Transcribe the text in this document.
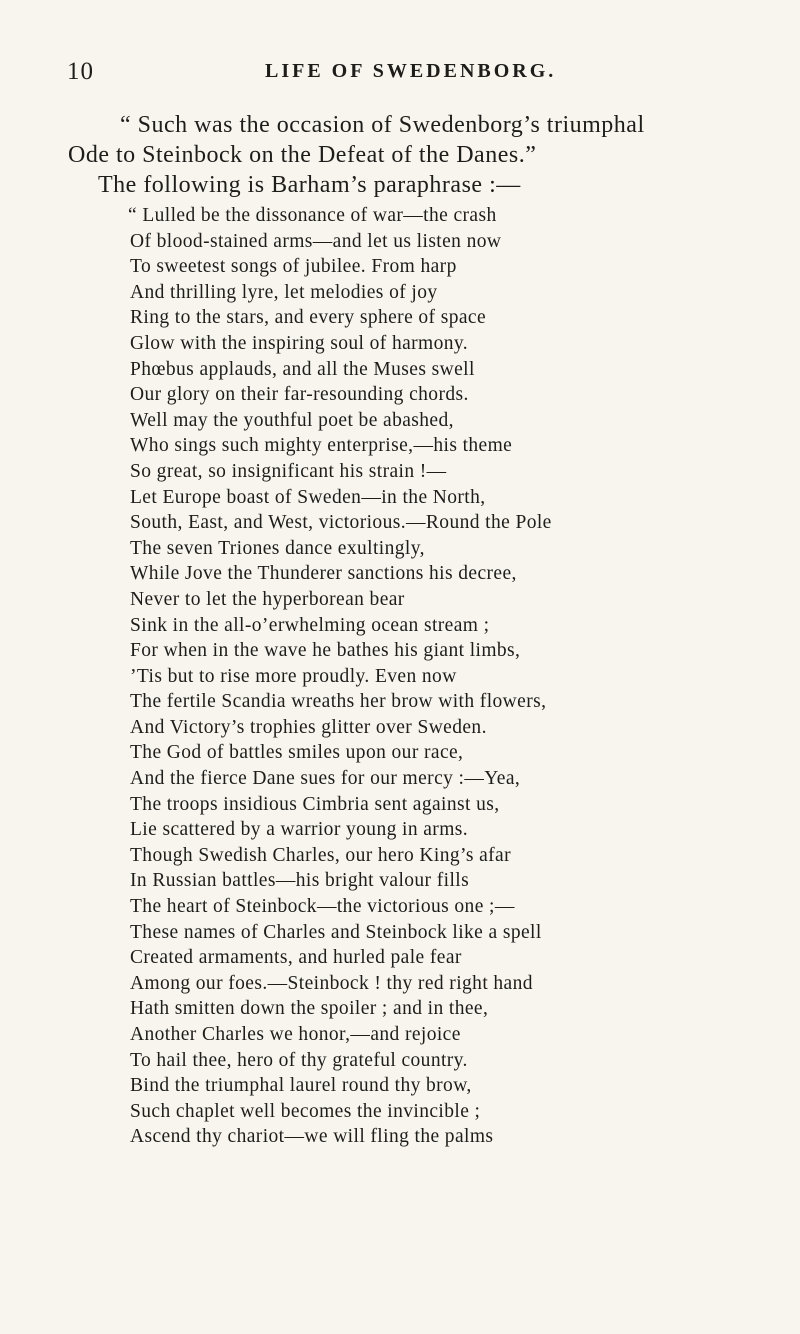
10	LIFE OF SWEDENBORG.
“ Such was the occasion of Swedenborg’s triumphal
Ode to Steinbock on the Defeat of the Danes.”
The following is Barham’s paraphrase :—
“ Lulled be the dissonance of war—the crash
Of blood-stained arms—and let us listen now
To sweetest songs of jubilee. From harp
And thrilling lyre, let melodies of joy
Ring to the stars, and every sphere of space
Glow with the inspiring soul of harmony.
Phœbus applauds, and all the Muses swell
Our glory on their far-resounding chords.
Well may the youthful poet be abashed,
Who sings such mighty enterprise,—his theme
So great, so insignificant his strain !—
Let Europe boast of Sweden—in the North,
South, East, and West, victorious.—Round the Pole
The seven Triones dance exultingly,
While Jove the Thunderer sanctions his decree,
Never to let the hyperborean bear
Sink in the all-o’erwhelming ocean stream ;
For when in the wave he bathes his giant limbs,
’Tis but to rise more proudly. Even now
The fertile Scandia wreaths her brow with flowers,
And Victory’s trophies glitter over Sweden.
The God of battles smiles upon our race,
And the fierce Dane sues for our mercy :—Yea,
The troops insidious Cimbria sent against us,
Lie scattered by a warrior young in arms.
Though Swedish Charles, our hero King’s afar
In Russian battles—his bright valour fills
The heart of Steinbock—the victorious one ;—
These names of Charles and Steinbock like a spell
Created armaments, and hurled pale fear
Among our foes.—Steinbock ! thy red right hand
Hath smitten down the spoiler ; and in thee,
Another Charles we honor,—and rejoice
To hail thee, hero of thy grateful country.
Bind the triumphal laurel round thy brow,
Such chaplet well becomes the invincible ;
Ascend thy chariot—we will fling the palms
